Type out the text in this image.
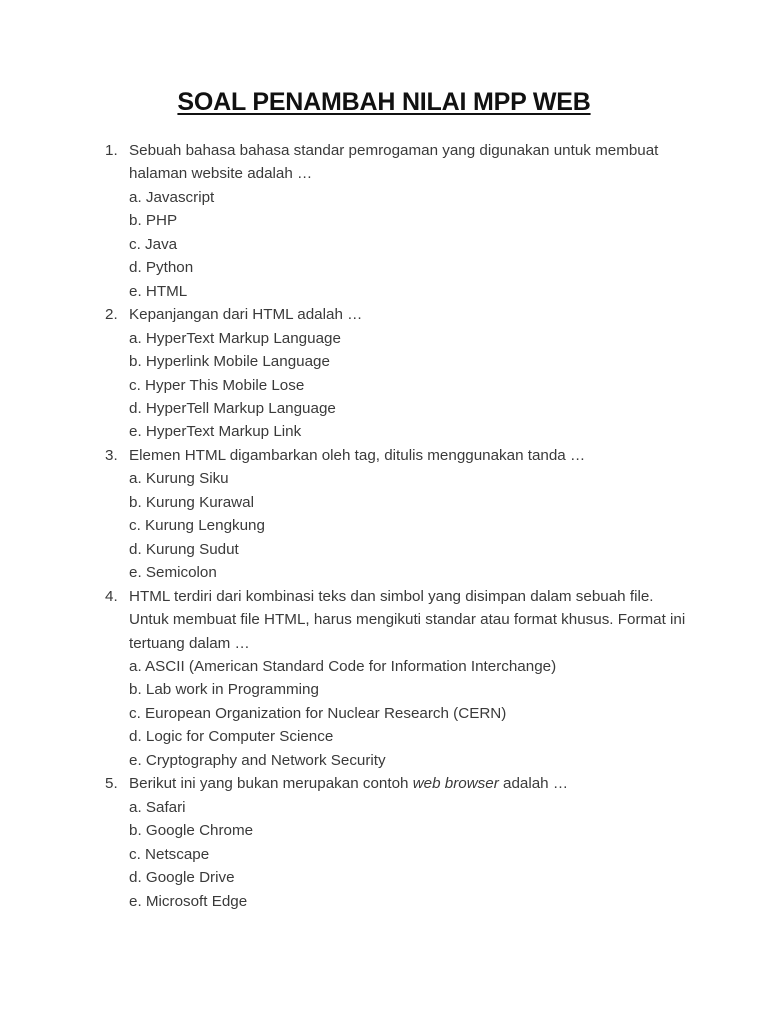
SOAL PENAMBAH NILAI MPP WEB
1. Sebuah bahasa bahasa standar pemrogaman yang digunakan untuk membuat halaman website adalah …
a. Javascript
b. PHP
c. Java
d. Python
e. HTML
2. Kepanjangan dari HTML adalah …
a. HyperText Markup Language
b. Hyperlink Mobile Language
c. Hyper This Mobile Lose
d. HyperTell Markup Language
e. HyperText Markup Link
3. Elemen HTML digambarkan oleh tag, ditulis menggunakan tanda …
a. Kurung Siku
b. Kurung Kurawal
c. Kurung Lengkung
d. Kurung Sudut
e. Semicolon
4. HTML terdiri dari kombinasi teks dan simbol yang disimpan dalam sebuah file. Untuk membuat file HTML, harus mengikuti standar atau format khusus. Format ini tertuang dalam …
a. ASCII (American Standard Code for Information Interchange)
b. Lab work in Programming
c. European Organization for Nuclear Research (CERN)
d. Logic for Computer Science
e. Cryptography and Network Security
5. Berikut ini yang bukan merupakan contoh web browser adalah …
a. Safari
b. Google Chrome
c. Netscape
d. Google Drive
e. Microsoft Edge
